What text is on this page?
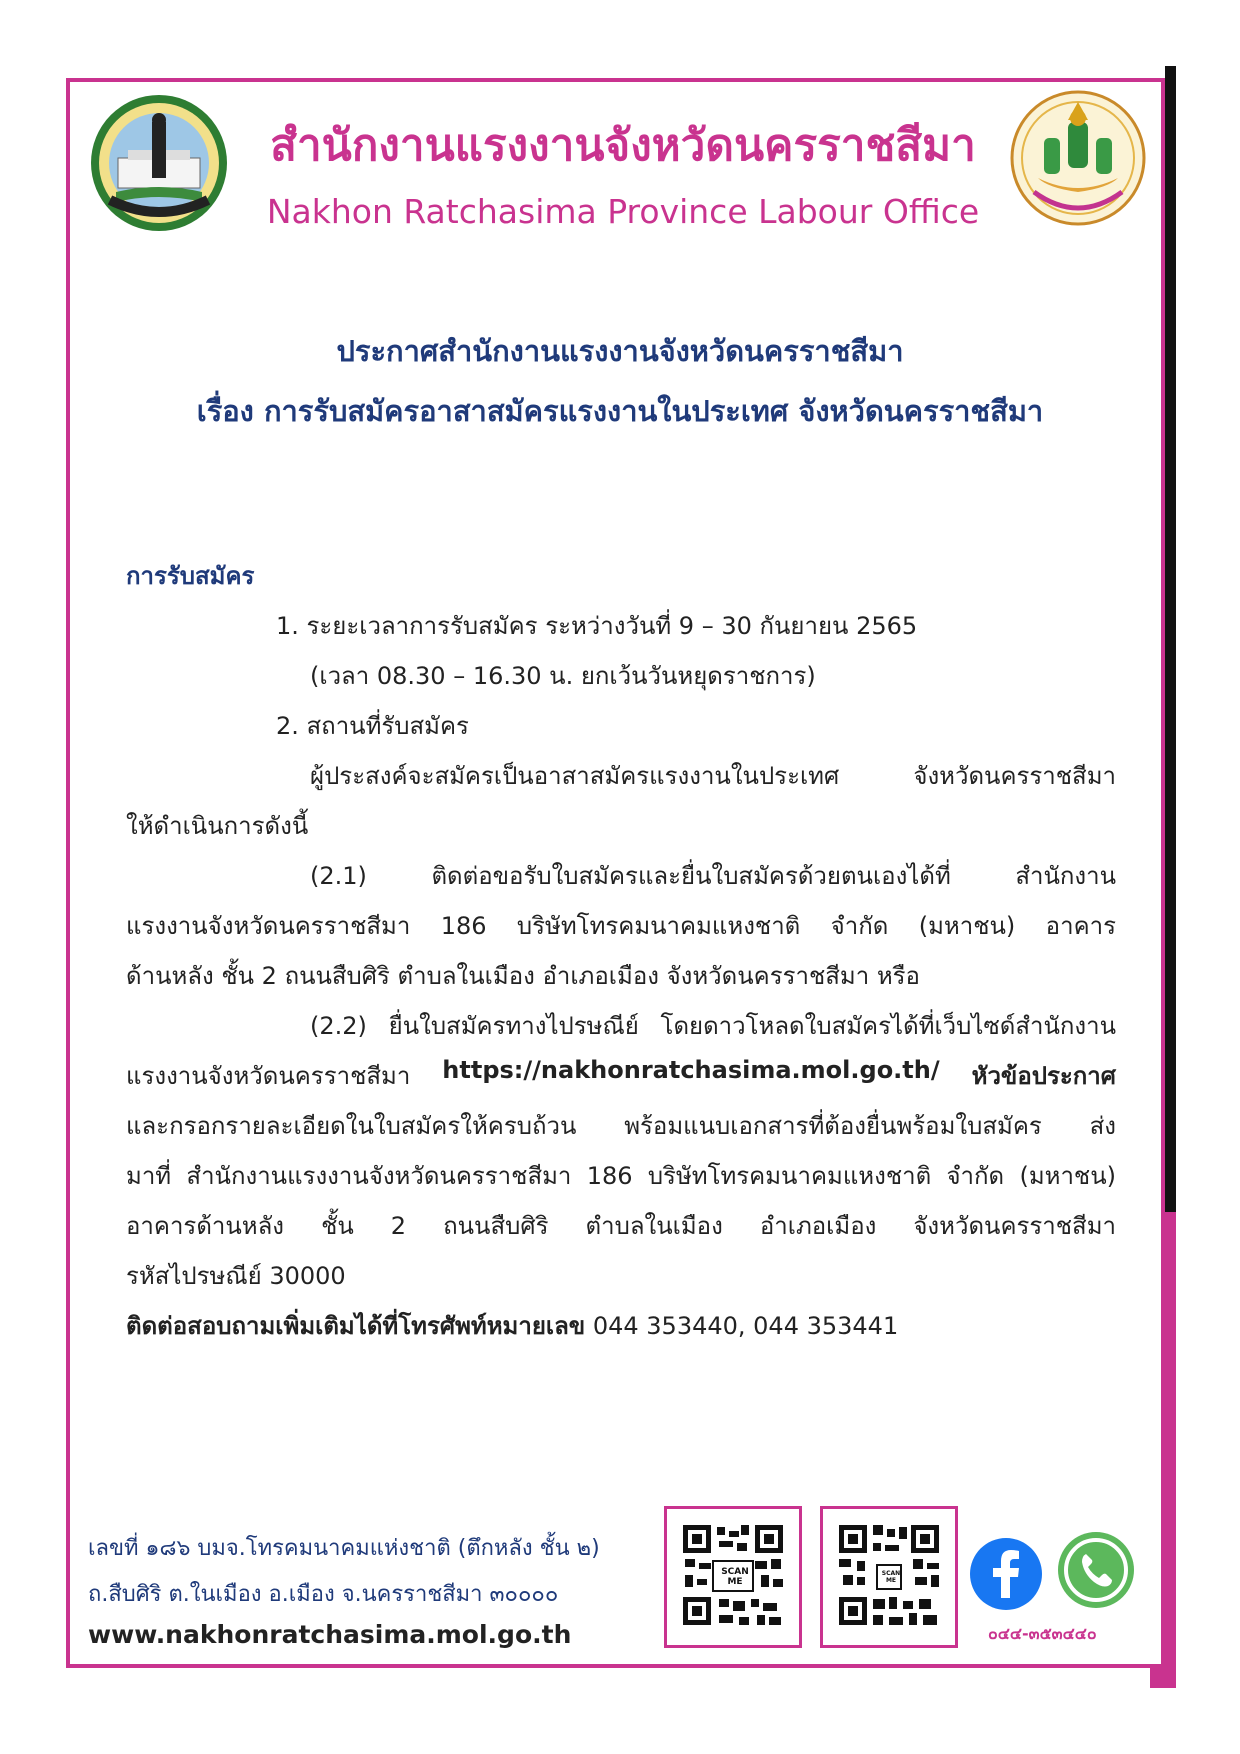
สำนักงานแรงงานจังหวัดนครราชสีมา

Nakhon Ratchasima Province Labour Office

ประกาศสำนักงานแรงงานจังหวัดนครราชสีมา
เรื่อง การรับสมัครอาสาสมัครแรงงานในประเทศ จังหวัดนครราชสีมา
การรับสมัคร
1. ระยะเวลาการรับสมัคร ระหว่างวันที่ 9 – 30 กันยายน 2565
(เวลา 08.30 – 16.30 น. ยกเว้นวันหยุดราชการ)
2. สถานที่รับสมัคร
ผู้ประสงค์จะสมัครเป็นอาสาสมัครแรงงานในประเทศ จังหวัดนครราชสีมา
ให้ดำเนินการดังนี้
(2.1) ติดต่อขอรับใบสมัครและยื่นใบสมัครด้วยตนเองได้ที่ สำนักงาน
แรงงานจังหวัดนครราชสีมา 186 บริษัทโทรคมนาคมแหงชาติ จำกัด (มหาชน) อาคาร
ด้านหลัง ชั้น 2 ถนนสืบศิริ ตำบลในเมือง อำเภอเมือง จังหวัดนครราชสีมา หรือ
(2.2) ยื่นใบสมัครทางไปรษณีย์ โดยดาวโหลดใบสมัครได้ที่เว็บไซด์สำนักงาน
แรงงานจังหวัดนครราชสีมา https://nakhonratchasima.mol.go.th/ หัวข้อประกาศ
และกรอกรายละเอียดในใบสมัครให้ครบถ้วน พร้อมแนบเอกสารที่ต้องยื่นพร้อมใบสมัคร ส่ง
มาที่ สำนักงานแรงงานจังหวัดนครราชสีมา 186 บริษัทโทรคมนาคมแหงชาติ จำกัด (มหาชน)
อาคารด้านหลัง ชั้น 2 ถนนสืบศิริ ตำบลในเมือง อำเภอเมือง จังหวัดนครราชสีมา
รหัสไปรษณีย์ 30000
ติดต่อสอบถามเพิ่มเติมได้ที่โทรศัพท์หมายเลข 044 353440, 044 353441
เลขที่ ๑๘๖ บมจ.โทรคมนาคมแห่งชาติ (ตึกหลัง ชั้น ๒)
ถ.สืบศิริ ต.ในเมือง อ.เมือง จ.นครราชสีมา ๓๐๐๐๐
www.nakhonratchasima.mol.go.th
SCAN ME
SCAN ME
๐๔๔-๓๕๓๔๔๐
